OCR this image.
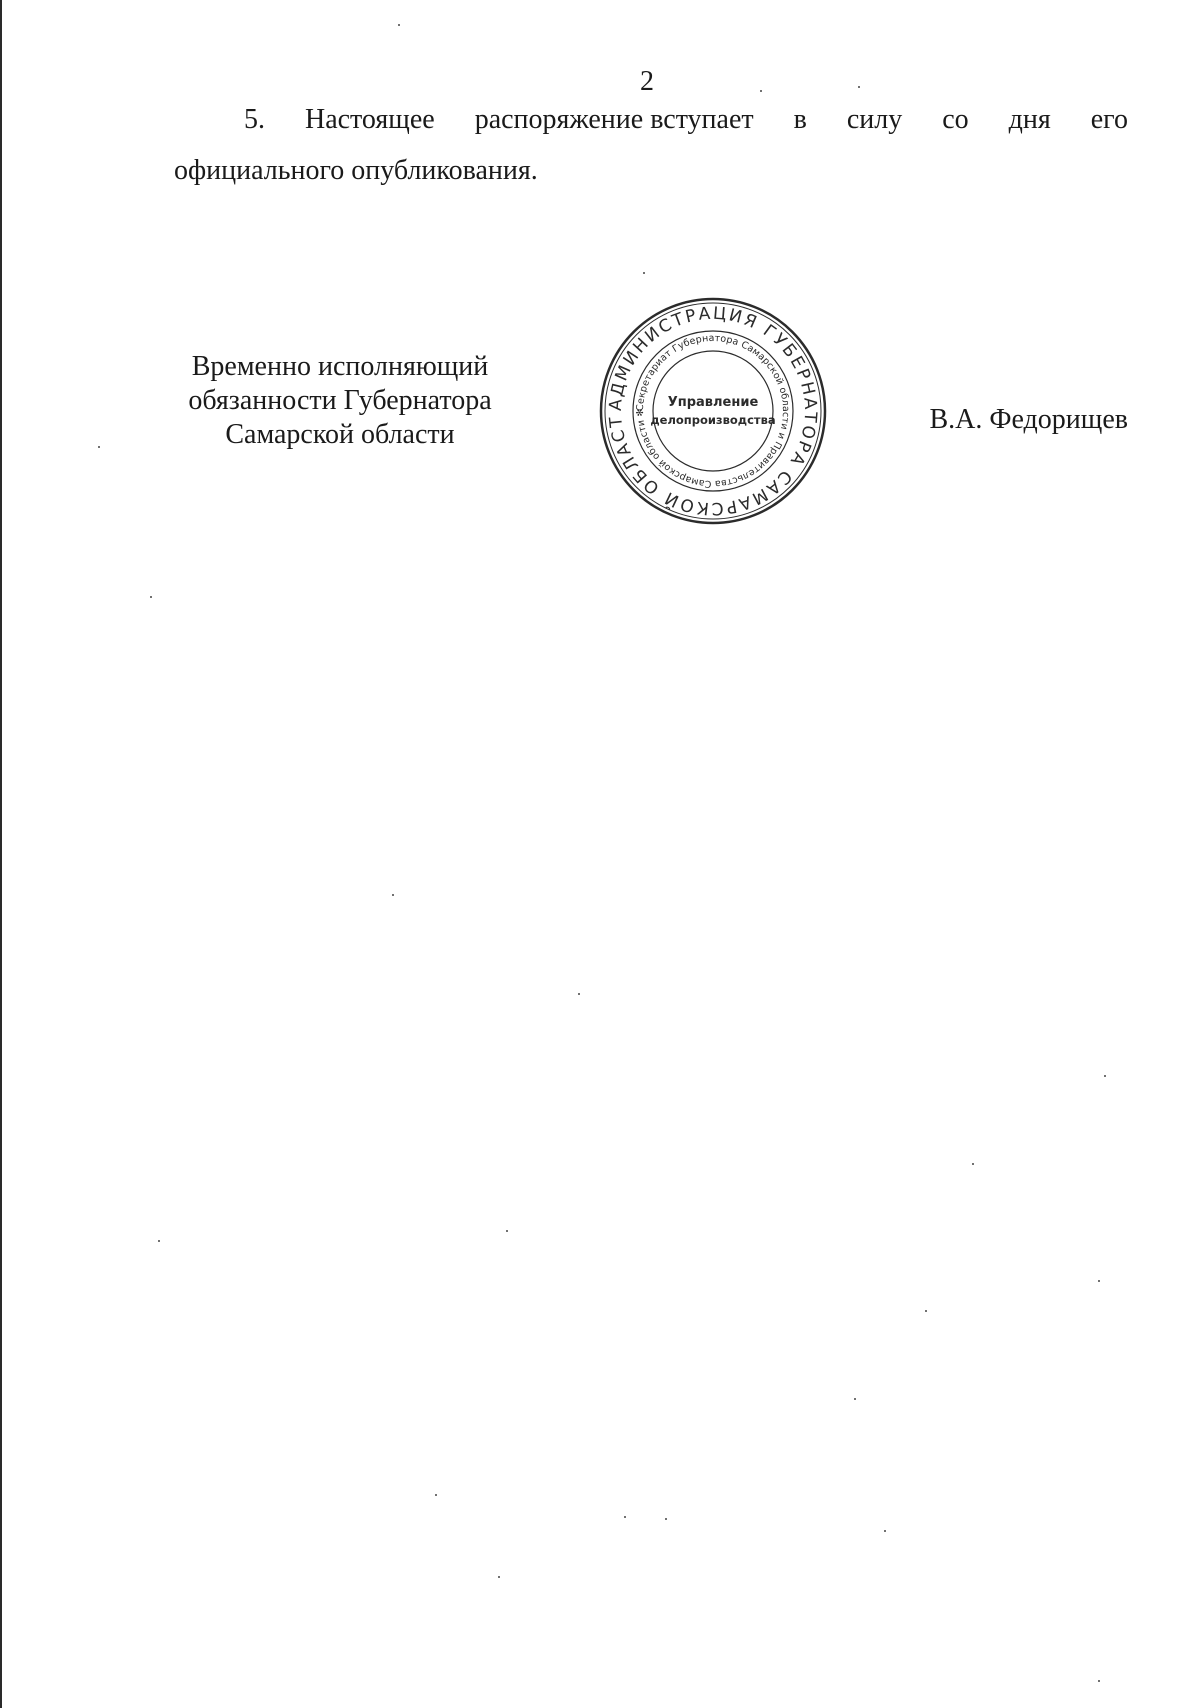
2
5. Настоящее распоряжение вступает в силу со дня его
официального опубликования.
Временно исполняющий
обязанности Губернатора
Самарской области
АДМИНИСТРАЦИЯ ГУБЕРНАТОРА САМАРСКОЙ ОБЛАСТ
Секретариат Губернатора Самарской области и Правительства Самарской области ✻
Управление
делопроизводства	В.А. Федорищев
